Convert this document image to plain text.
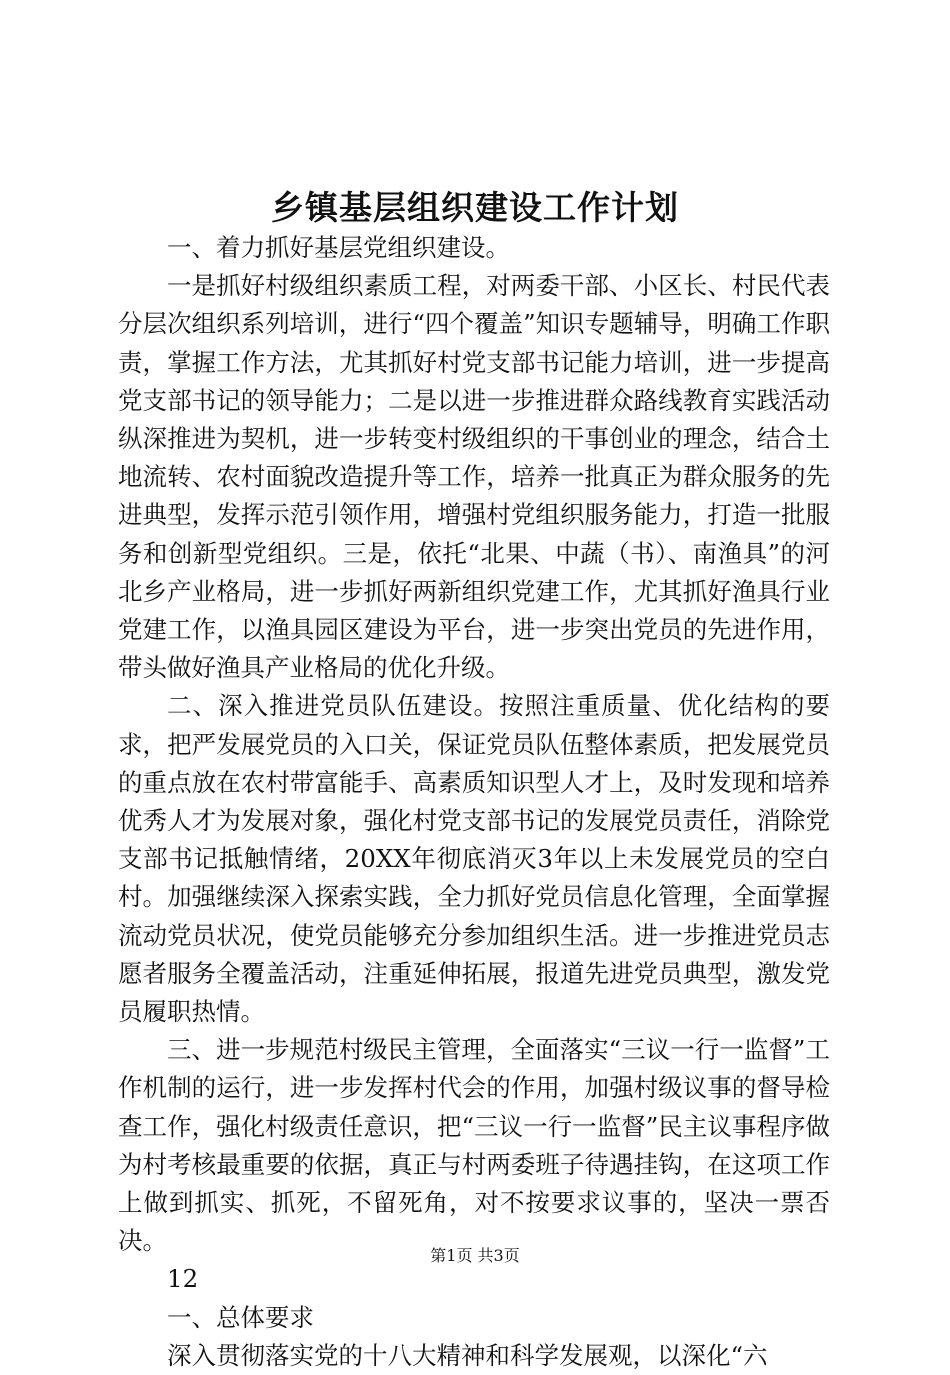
乡镇基层组织建设工作计划

一、着力抓好基层党组织建设。

一是抓好村级组织素质工程，对两委干部、小区长、村民代表分层次组织系列培训，进行“四个覆盖”知识专题辅导，明确工作职责，掌握工作方法，尤其抓好村党支部书记能力培训，进一步提高党支部书记的领导能力；二是以进一步推进群众路线教育实践活动纵深推进为契机，进一步转变村级组织的干事创业的理念，结合土地流转、农村面貌改造提升等工作，培养一批真正为群众服务的先进典型，发挥示范引领作用，增强村党组织服务能力，打造一批服务和创新型党组织。三是，依托“北果、中蔬（书）、南渔具”的河北乡产业格局，进一步抓好两新组织党建工作，尤其抓好渔具行业党建工作，以渔具园区建设为平台，进一步突出党员的先进作用，带头做好渔具产业格局的优化升级。

二、深入推进党员队伍建设。按照注重质量、优化结构的要求，把严发展党员的入口关，保证党员队伍整体素质，把发展党员的重点放在农村带富能手、高素质知识型人才上，及时发现和培养优秀人才为发展对象，强化村党支部书记的发展党员责任，消除党支部书记抵触情绪，20XX年彻底消灭3年以上未发展党员的空白村。加强继续深入探索实践，全力抓好党员信息化管理，全面掌握流动党员状况，使党员能够充分参加组织生活。进一步推进党员志愿者服务全覆盖活动，注重延伸拓展，报道先进党员典型，激发党员履职热情。

三、进一步规范村级民主管理，全面落实“三议一行一监督”工作机制的运行，进一步发挥村代会的作用，加强村级议事的督导检查工作，强化村级责任意识，把“三议一行一监督”民主议事程序做为村考核最重要的依据，真正与村两委班子待遇挂钩，在这项工作上做到抓实、抓死，不留死角，对不按要求议事的，坚决一票否决。

12

一、总体要求

深入贯彻落实党的十八大精神和科学发展观，以深化“六

第1页 共3页
